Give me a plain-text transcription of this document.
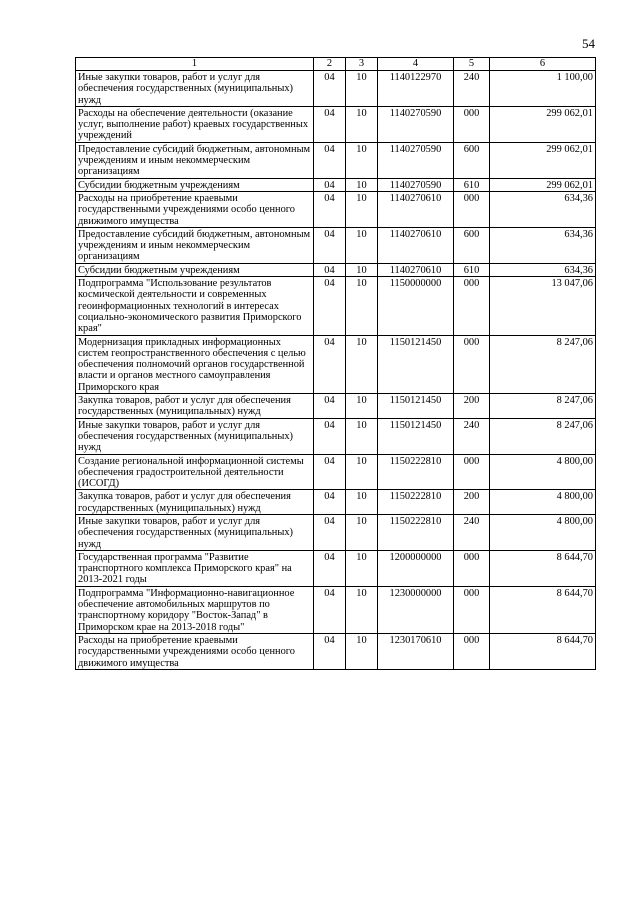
54
1	2	3	4	5	6
Иные закупки товаров, работ и услуг для обеспечения государственных (муниципальных) нужд	04	10	1140122970	240	1 100,00
Расходы на обеспечение деятельности (оказание услуг, выполнение работ) краевых государственных учреждений	04	10	1140270590	000	299 062,01
Предоставление субсидий бюджетным, автономным учреждениям и иным некоммерческим организациям	04	10	1140270590	600	299 062,01
Субсидии бюджетным учреждениям	04	10	1140270590	610	299 062,01
Расходы на приобретение краевыми государственными учреждениями особо ценного движимого имущества	04	10	1140270610	000	634,36
Предоставление субсидий бюджетным, автономным учреждениям и иным некоммерческим организациям	04	10	1140270610	600	634,36
Субсидии бюджетным учреждениям	04	10	1140270610	610	634,36
Подпрограмма "Использование результатов космической деятельности и современных геоинформационных технологий в интересах социально-экономического развития Приморского края"	04	10	1150000000	000	13 047,06
Модернизация прикладных информационных систем геопространственного обеспечения с целью обеспечения полномочий органов государственной власти и органов местного самоуправления Приморского края	04	10	1150121450	000	8 247,06
Закупка товаров, работ и услуг для обеспечения государственных (муниципальных) нужд	04	10	1150121450	200	8 247,06
Иные закупки товаров, работ и услуг для обеспечения государственных (муниципальных) нужд	04	10	1150121450	240	8 247,06
Создание региональной информационной системы обеспечения градостроительной деятельности (ИСОГД)	04	10	1150222810	000	4 800,00
Закупка товаров, работ и услуг для обеспечения государственных (муниципальных) нужд	04	10	1150222810	200	4 800,00
Иные закупки товаров, работ и услуг для обеспечения государственных (муниципальных) нужд	04	10	1150222810	240	4 800,00
Государственная программа "Развитие транспортного комплекса Приморского края" на 2013-2021 годы	04	10	1200000000	000	8 644,70
Подпрограмма "Информационно-навигационное обеспечение автомобильных маршрутов по транспортному коридору "Восток-Запад" в Приморском крае на 2013-2018 годы"	04	10	1230000000	000	8 644,70
Расходы на приобретение краевыми государственными учреждениями особо ценного движимого имущества	04	10	1230170610	000	8 644,70
